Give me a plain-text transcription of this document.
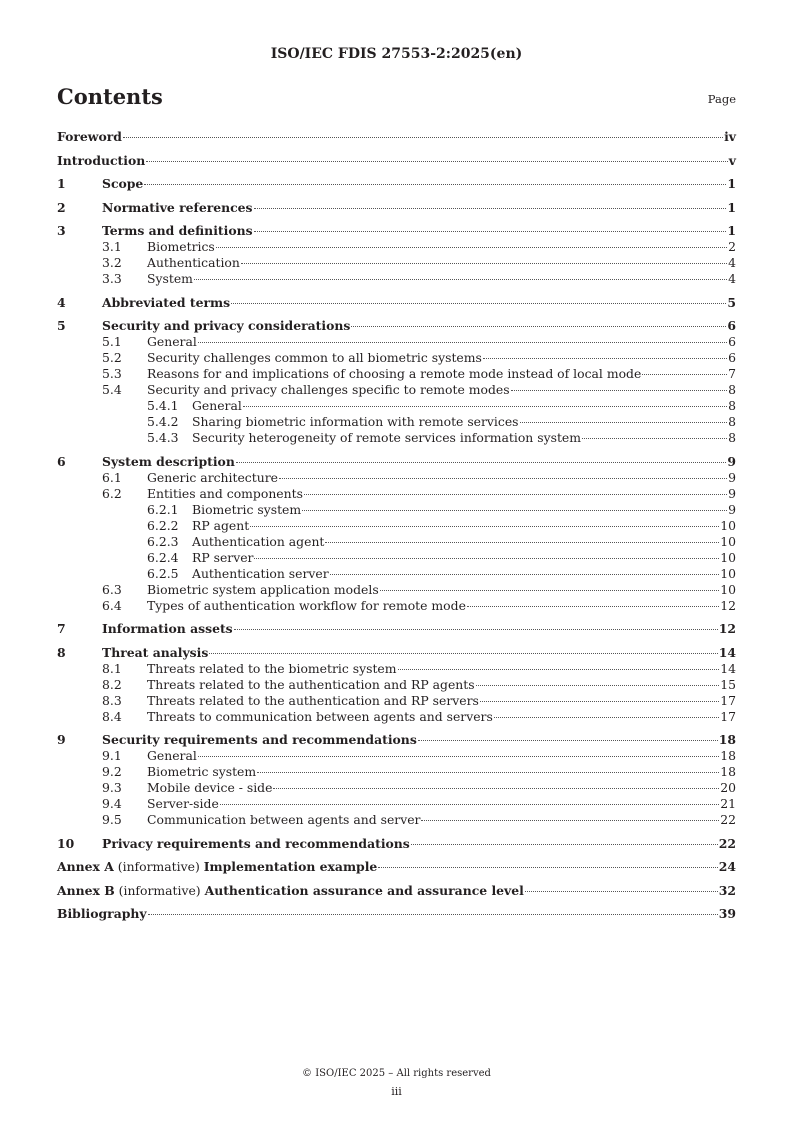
ISO/IEC FDIS 27553-2:2025(en)
Contents	Page
Foreword	iv
Introduction	v
1	Scope	1
2	Normative references	1
3	Terms and definitions	1
3.1	Biometrics	2
3.2	Authentication	4
3.3	System	4
4	Abbreviated terms	5
5	Security and privacy considerations	6
5.1	General	6
5.2	Security challenges common to all biometric systems	6
5.3	Reasons for and implications of choosing a remote mode instead of local mode	7
5.4	Security and privacy challenges specific to remote modes	8
5.4.1	General	8
5.4.2	Sharing biometric information with remote services	8
5.4.3	Security heterogeneity of remote services information system	8
6	System description	9
6.1	Generic architecture	9
6.2	Entities and components	9
6.2.1	Biometric system	9
6.2.2	RP agent	10
6.2.3	Authentication agent	10
6.2.4	RP server	10
6.2.5	Authentication server	10
6.3	Biometric system application models	10
6.4	Types of authentication workflow for remote mode	12
7	Information assets	12
8	Threat analysis	14
8.1	Threats related to the biometric system	14
8.2	Threats related to the authentication and RP agents	15
8.3	Threats related to the authentication and RP servers	17
8.4	Threats to communication between agents and servers	17
9	Security requirements and recommendations	18
9.1	General	18
9.2	Biometric system	18
9.3	Mobile device - side	20
9.4	Server-side	21
9.5	Communication between agents and server	22
10	Privacy requirements and recommendations	22
Annex A (informative) Implementation example	24
Annex B (informative) Authentication assurance and assurance level	32
Bibliography	39
© ISO/IEC 2025 – All rights reserved
iii
